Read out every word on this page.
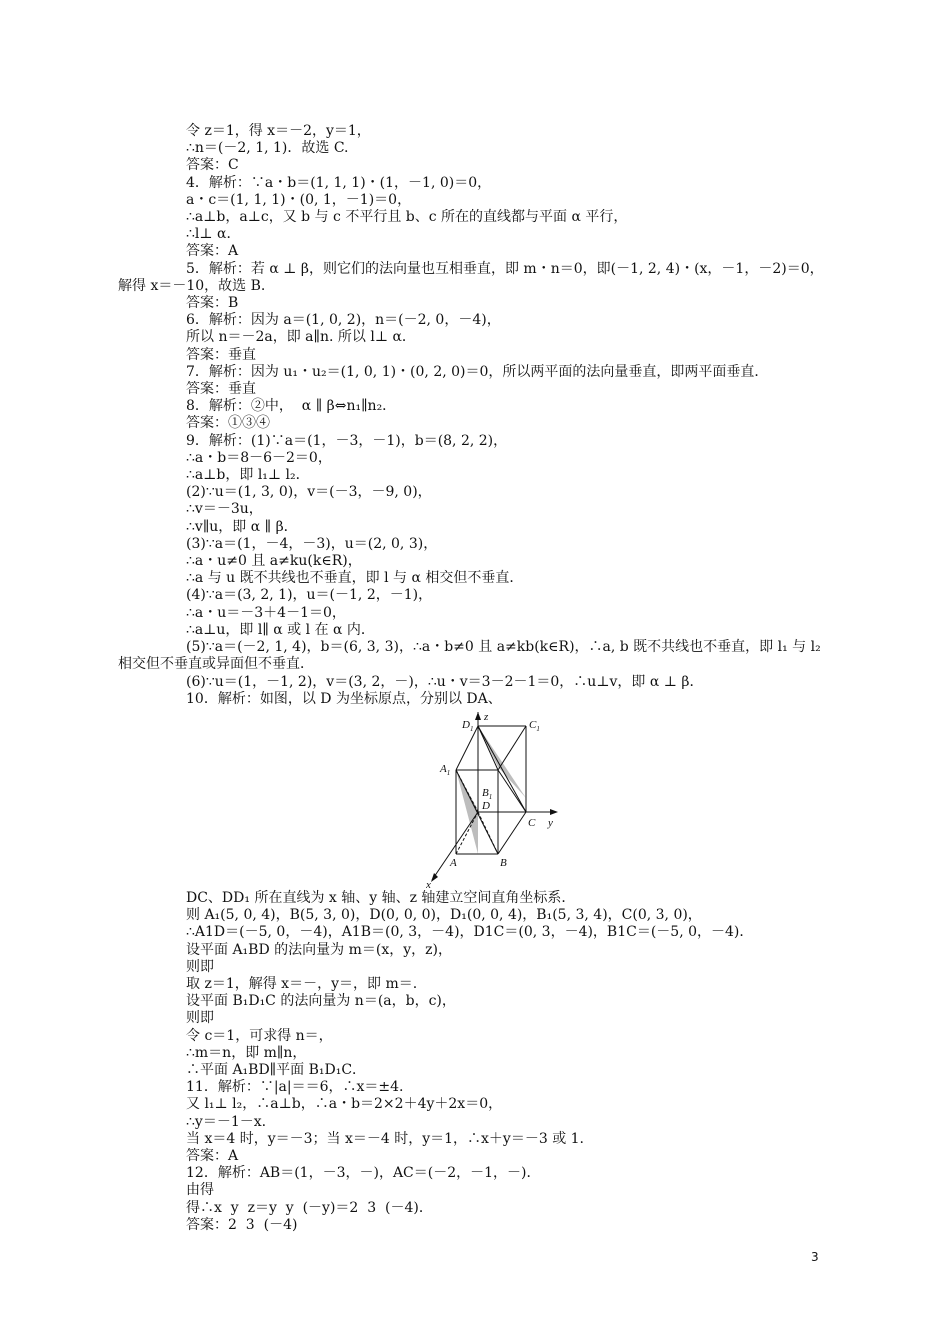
令 z＝1，得 x＝－2，y＝1，
∴n＝(－2, 1, 1)．故选 C.
答案：C
4．解析：∵a・b＝(1, 1, 1)・(1，－1, 0)＝0，
a・c＝(1, 1, 1)・(0, 1，－1)＝0，
∴a⊥b，a⊥c，又 b 与 c 不平行且 b、c 所在的直线都与平面 α 平行，
∴l⊥ α．
答案：A
5．解析：若 α ⊥ β，则它们的法向量也互相垂直，即 m・n＝0，即(－1, 2, 4)・(x，－1，－2)＝0，解得 x＝－10，故选 B.
答案：B
6．解析：因为 a＝(1, 0, 2)，n＝(－2, 0，－4)，
所以 n＝－2a，即 a∥n. 所以 l⊥ α．
答案：垂直
7．解析：因为 u₁・u₂＝(1, 0, 1)・(0, 2, 0)＝0，所以两平面的法向量垂直，即两平面垂直．
答案：垂直
8．解析：②中，  α ∥ β⇔n₁∥n₂．
答案：①③④
9．解析：(1)∵a＝(1，－3，－1)，b＝(8, 2, 2)，
∴a・b＝8－6－2＝0，
∴a⊥b，即 l₁⊥ l₂．
(2)∵u＝(1, 3, 0)，v＝(－3，－9, 0)，
∴v＝－3u，
∴v∥u，即 α ∥ β．
(3)∵a＝(1，－4，－3)，u＝(2, 0, 3)，
∴a・u≠0 且 a≠ku(k∈R)，
∴a 与 u 既不共线也不垂直，即 l 与 α 相交但不垂直．
(4)∵a＝(3, 2, 1)，u＝(－1, 2，－1)，
∴a・u＝－3＋4－1＝0，
∴a⊥u，即 l∥ α 或 l 在 α 内．
(5)∵a＝(－2, 1, 4)，b＝(6, 3, 3)，∴a・b≠0 且 a≠kb(k∈R)，∴a, b 既不共线也不垂直，即 l₁ 与 l₂ 相交但不垂直或异面但不垂直．
(6)∵u＝(1，－1, 2)，v＝(3, 2，－)，∴u・v＝3－2－1＝0，∴u⊥v，即 α ⊥ β．
10．解析：如图，以 D 为坐标原点，分别以 DA、
z
y
x
$D_1$	$C_1$
$A_1$
$B_1$
D
C
A	B
DC、DD₁ 所在直线为 x 轴、y 轴、z 轴建立空间直角坐标系．
则 A₁(5, 0, 4)，B(5, 3, 0)，D(0, 0, 0)，D₁(0, 0, 4)，B₁(5, 3, 4)，C(0, 3, 0)，
∴A1D＝(－5, 0，－4)，A1B＝(0, 3，－4)，D1C＝(0, 3，－4)，B1C＝(－5, 0，－4)．
设平面 A₁BD 的法向量为 m＝(x，y，z)，
则即
取 z＝1，解得 x＝－，y＝，即 m＝.
设平面 B₁D₁C 的法向量为 n＝(a，b，c)，
则即
令 c＝1，可求得 n＝，
∴m＝n，即 m∥n，
∴平面 A₁BD∥平面 B₁D₁C．
11．解析：∵|a|＝＝6，∴x＝±4.
又 l₁⊥ l₂，∴a⊥b，∴a・b＝2×2＋4y＋2x＝0，
∴y＝－1－x.
当 x＝4 时，y＝－3；当 x＝－4 时，y＝1，∴x＋y＝－3 或 1.
答案：A
12．解析：AB＝(1，－3，－)，AC＝(－2，－1，－)．
由得
得∴x  y  z＝y  y  (－y)＝2  3  (－4)．
答案：2  3  (－4)
3
